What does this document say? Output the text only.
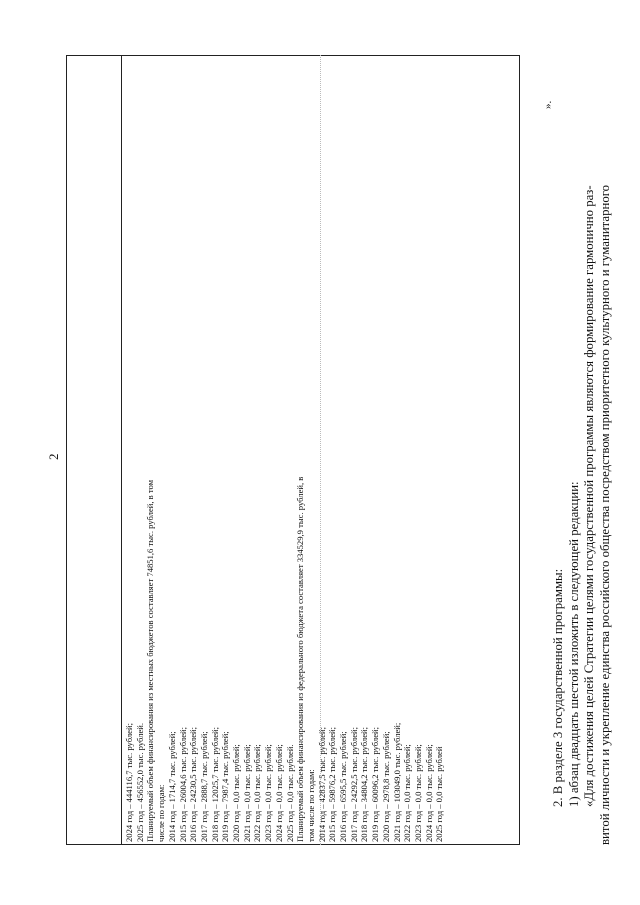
2
2024 год – 444116,7 тыс. рублей; 2025 год – 456552,0 тыс. рублей. Планируемый объем финансирования из местных бюджетов составляет 74851,6 тыс. рублей, в том числе по годам: 2014 год – 1714,7 тыс. рублей; 2015 год – 26004,6 тыс. рублей; 2016 год – 24230,5 тыс. рублей; 2017 год – 2888,7 тыс. рублей; 2018 год – 12025,7 тыс. рублей; 2019 год – 7987,4 тыс. рублей; 2020 год – 0,0 тыс. рублей; 2021 год – 0,0 тыс. рублей; 2022 год – 0,0 тыс. рублей; 2023 год – 0,0 тыс. рублей; 2024 год – 0,0 тыс. рублей; 2025 год – 0,0 тыс. рублей. Планируемый объем финансирования из федерального бюджета составляет 334529,9 тыс. рублей, в том числе по годам: 2014 год – 42837,5 тыс. рублей; 2015 год – 59876,2 тыс. рублей; 2016 год – 6595,5 тыс. рублей; 2017 год – 24292,5 тыс. рублей; 2018 год – 34804,2 тыс. рублей; 2019 год – 60096,2 тыс. рублей; 2020 год – 2978,8 тыс. рублей; 2021 год – 103049,0 тыс. рублей; 2022 год – 0,0 тыс. рублей; 2023 год – 0,0 тыс. рублей; 2024 год – 0,0 тыс. рублей; 2025 год – 0,0 тыс. рублей
».

2. В разделе 3 государственной программы: 1) абзац двадцать шестой изложить в следующей редакции: «Для достижения целей Стратегии целями государственной программы являются формирование гармонично раз- витой личности и укрепление единства российского общества посредством приоритетного культурного и гуманитарного
